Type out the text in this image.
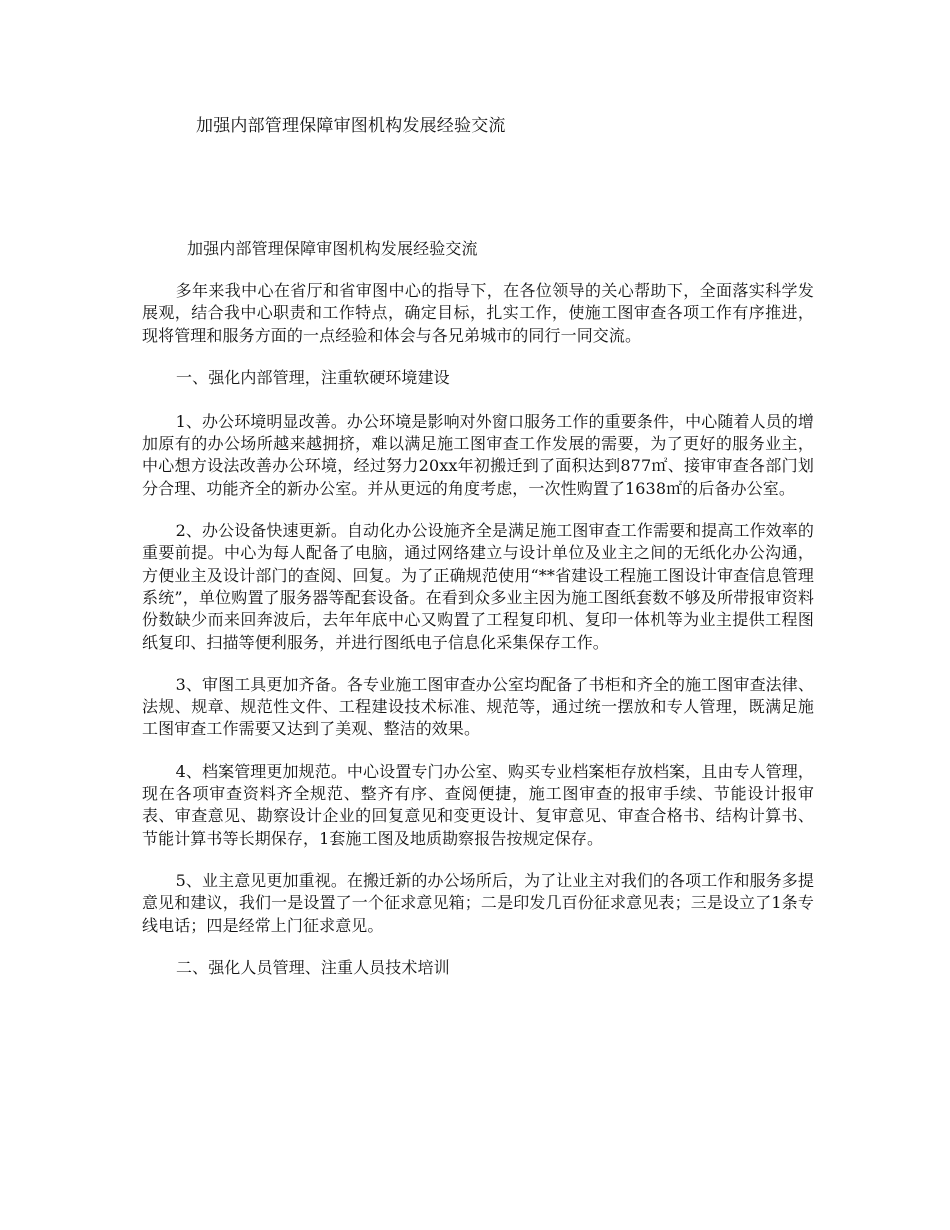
加强内部管理保障审图机构发展经验交流
加强内部管理保障审图机构发展经验交流

多年来我中心在省厅和省审图中心的指导下，在各位领导的关心帮助下，全面落实科学发展观，结合我中心职责和工作特点，确定目标，扎实工作，使施工图审查各项工作有序推进，现将管理和服务方面的一点经验和体会与各兄弟城市的同行一同交流。

一、强化内部管理，注重软硬环境建设

1、办公环境明显改善。办公环境是影响对外窗口服务工作的重要条件，中心随着人员的增加原有的办公场所越来越拥挤，难以满足施工图审查工作发展的需要，为了更好的服务业主，中心想方设法改善办公环境，经过努力20xx年初搬迁到了面积达到877㎡、接审审查各部门划分合理、功能齐全的新办公室。并从更远的角度考虑，一次性购置了1638㎡的后备办公室。

2、办公设备快速更新。自动化办公设施齐全是满足施工图审查工作需要和提高工作效率的重要前提。中心为每人配备了电脑，通过网络建立与设计单位及业主之间的无纸化办公沟通，方便业主及设计部门的查阅、回复。为了正确规范使用“**省建设工程施工图设计审查信息管理系统”，单位购置了服务器等配套设备。在看到众多业主因为施工图纸套数不够及所带报审资料份数缺少而来回奔波后，去年年底中心又购置了工程复印机、复印一体机等为业主提供工程图纸复印、扫描等便利服务，并进行图纸电子信息化采集保存工作。

3、审图工具更加齐备。各专业施工图审查办公室均配备了书柜和齐全的施工图审查法律、法规、规章、规范性文件、工程建设技术标准、规范等，通过统一摆放和专人管理，既满足施工图审查工作需要又达到了美观、整洁的效果。

4、档案管理更加规范。中心设置专门办公室、购买专业档案柜存放档案，且由专人管理，现在各项审查资料齐全规范、整齐有序、查阅便捷，施工图审查的报审手续、节能设计报审表、审查意见、勘察设计企业的回复意见和变更设计、复审意见、审查合格书、结构计算书、节能计算书等长期保存，1套施工图及地质勘察报告按规定保存。

5、业主意见更加重视。在搬迁新的办公场所后，为了让业主对我们的各项工作和服务多提意见和建议，我们一是设置了一个征求意见箱；二是印发几百份征求意见表；三是设立了1条专线电话；四是经常上门征求意见。

二、强化人员管理、注重人员技术培训
